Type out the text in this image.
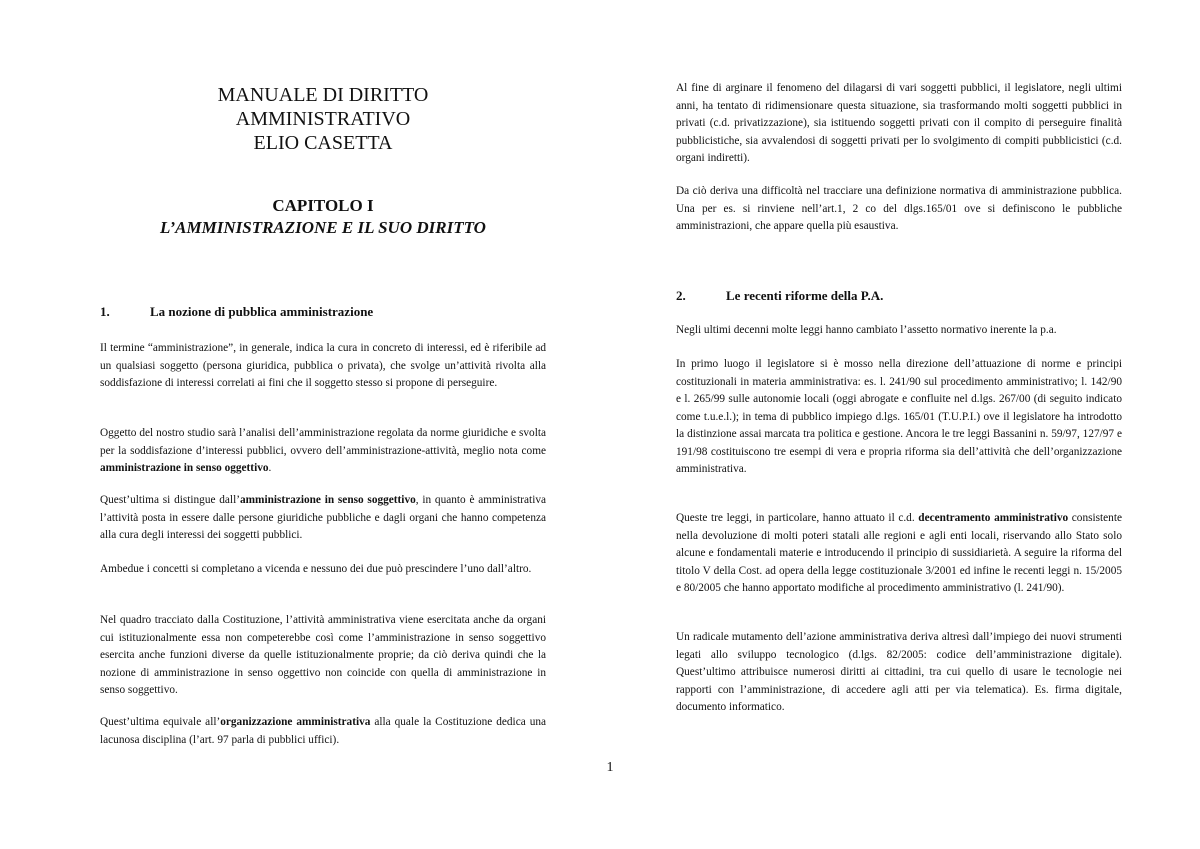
MANUALE DI DIRITTO
AMMINISTRATIVO
ELIO CASETTA
CAPITOLO I
L’AMMINISTRAZIONE E IL SUO DIRITTO
1.	La nozione di pubblica amministrazione

Il termine “amministrazione”, in generale, indica la cura in concreto di interessi, ed è riferibile ad un qualsiasi soggetto (persona giuridica, pubblica o privata), che svolge un’attività rivolta alla soddisfazione di interessi correlati ai fini che il soggetto stesso si propone di perseguire.

Oggetto del nostro studio sarà l’analisi dell’amministrazione regolata da norme giuridiche e svolta per la soddisfazione d’interessi pubblici, ovvero dell’amministrazione-attività, meglio nota come amministrazione in senso oggettivo.

Quest’ultima si distingue dall’amministrazione in senso soggettivo, in quanto è amministrativa l’attività posta in essere dalle persone giuridiche pubbliche e dagli organi che hanno competenza alla cura degli interessi dei soggetti pubblici.

Ambedue i concetti si completano a vicenda e nessuno dei due può prescindere l’uno dall’altro.

Nel quadro tracciato dalla Costituzione, l’attività amministrativa viene esercitata anche da organi cui istituzionalmente essa non competerebbe così come l’amministrazione in senso soggettivo esercita anche funzioni diverse da quelle istituzionalmente proprie; da ciò deriva quindi che la nozione di amministrazione in senso oggettivo non coincide con quella di amministrazione in senso soggettivo.

Quest’ultima equivale all’organizzazione amministrativa alla quale la Costituzione dedica una lacunosa disciplina (l’art. 97 parla di pubblici uffici).

Al fine di arginare il fenomeno del dilagarsi di vari soggetti pubblici, il legislatore, negli ultimi anni, ha tentato di ridimensionare questa situazione, sia trasformando molti soggetti pubblici in privati (c.d. privatizzazione), sia istituendo soggetti privati con il compito di perseguire finalità pubblicistiche, sia avvalendosi di soggetti privati per lo svolgimento di compiti pubblicistici (c.d. organi indiretti).

Da ciò deriva una difficoltà nel tracciare una definizione normativa di amministrazione pubblica. Una per es. si rinviene nell’art.1, 2 co del dlgs.165/01 ove si definiscono le pubbliche amministrazioni, che appare quella più esaustiva.

2.	Le recenti riforme della P.A.

Negli ultimi decenni molte leggi hanno cambiato l’assetto normativo inerente la p.a.

In primo luogo il legislatore si è mosso nella direzione dell’attuazione di norme e principi costituzionali in materia amministrativa: es. l. 241/90 sul procedimento amministrativo; l. 142/90 e l. 265/99 sulle autonomie locali (oggi abrogate e confluite nel d.lgs. 267/00 (di seguito indicato come t.u.e.l.); in tema di pubblico impiego d.lgs. 165/01 (T.U.P.I.) ove il legislatore ha introdotto la distinzione assai marcata tra politica e gestione. Ancora le tre leggi Bassanini n. 59/97, 127/97 e 191/98 costituiscono tre esempi di vera e propria riforma sia dell’attività che dell’organizzazione amministrativa.

Queste tre leggi, in particolare, hanno attuato il c.d. decentramento amministrativo consistente nella devoluzione di molti poteri statali alle regioni e agli enti locali, riservando allo Stato solo alcune e fondamentali materie e introducendo il principio di sussidiarietà. A seguire la riforma del titolo V della Cost. ad opera della legge costituzionale 3/2001 ed infine le recenti leggi n. 15/2005 e 80/2005 che hanno apportato modifiche al procedimento amministrativo (l. 241/90).

Un radicale mutamento dell’azione amministrativa deriva altresì dall’impiego dei nuovi strumenti legati allo sviluppo tecnologico (d.lgs. 82/2005: codice dell’amministrazione digitale). Quest’ultimo attribuisce numerosi diritti ai cittadini, tra cui quello di usare le tecnologie nei rapporti con l’amministrazione, di accedere agli atti per via telematica). Es. firma digitale, documento informatico.

1
